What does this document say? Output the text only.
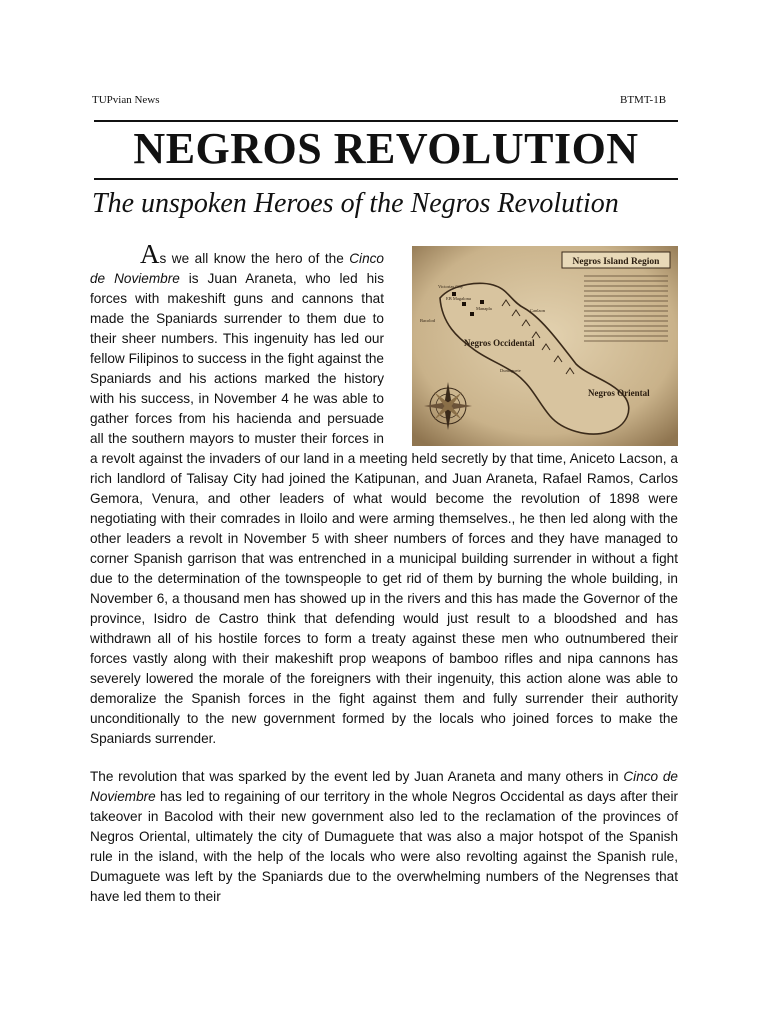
TUPvian News	BTMT-1B
NEGROS REVOLUTION
The unspoken Heroes of the Negros Revolution
Negros Island Region
Victorias City
EB Magalona
Manapla
Bacolod
Canlaon
Dumaguete
Negros Occidental
Negros Oriental

As we all know the hero of the Cinco de Noviembre is Juan Araneta, who led his forces with makeshift guns and cannons that made the Spaniards surrender to them due to their sheer numbers. This ingenuity has led our fellow Filipinos to success in the fight against the Spaniards and his actions marked the history with his success, in November 4 he was able to gather forces from his hacienda and persuade all the southern mayors to muster their forces in a revolt against the invaders of our land in a meeting held secretly by that time, Aniceto Lacson, a rich landlord of Talisay City had joined the Katipunan, and Juan Araneta, Rafael Ramos, Carlos Gemora, Venura, and other leaders of what would become the revolution of 1898 were negotiating with their comrades in Iloilo and were arming themselves., he then led along with the other leaders a revolt in November 5 with sheer numbers of forces and they have managed to corner Spanish garrison that was entrenched in a municipal building surrender in without a fight due to the determination of the townspeople to get rid of them by burning the whole building, in November 6, a thousand men has showed up in the rivers and this has made the Governor of the province, Isidro de Castro think that defending would just result to a bloodshed and has withdrawn all of his hostile forces to form a treaty against these men who outnumbered their forces vastly along with their makeshift prop weapons of bamboo rifles and nipa cannons has severely lowered the morale of the foreigners with their ingenuity, this action alone was able to demoralize the Spanish forces in the fight against them and fully surrender their authority unconditionally to the new government formed by the locals who joined forces to make the Spaniards surrender.

The revolution that was sparked by the event led by Juan Araneta and many others in Cinco de Noviembre has led to regaining of our territory in the whole Negros Occidental as days after their takeover in Bacolod with their new government also led to the reclamation of the provinces of Negros Oriental, ultimately the city of Dumaguete that was also a major hotspot of the Spanish rule in the island, with the help of the locals who were also revolting against the Spanish rule, Dumaguete was left by the Spaniards due to the overwhelming numbers of the Negrenses that have led them to their
